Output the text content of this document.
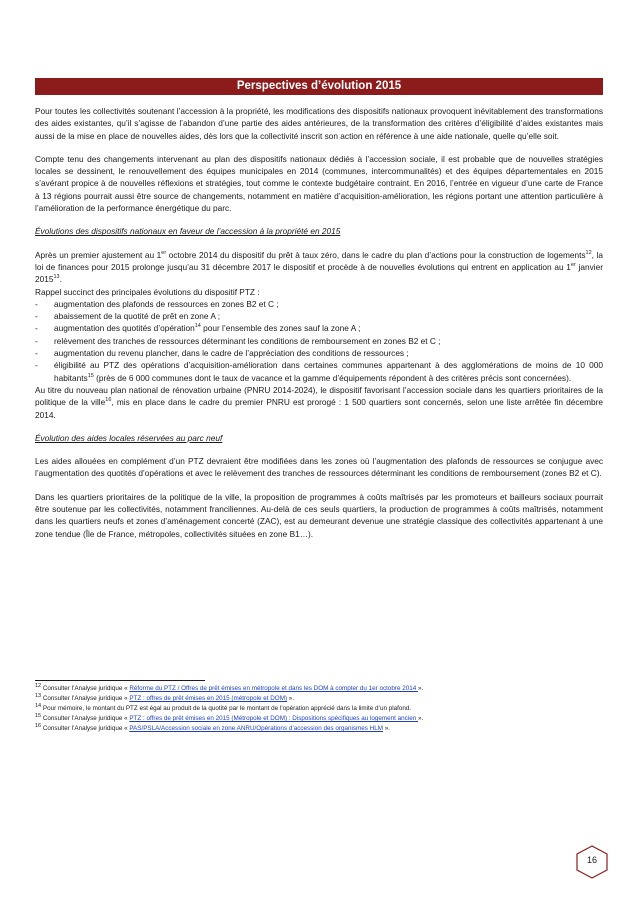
Perspectives d’évolution 2015

Pour toutes les collectivités soutenant l’accession à la propriété, les modifications des dispositifs nationaux provoquent inévitablement des transformations des aides existantes, qu’il s’agisse de l’abandon d’une partie des aides antérieures, de la transformation des critères d’éligibilité d’aides existantes mais aussi de la mise en place de nouvelles aides, dès lors que la collectivité inscrit son action en référence à une aide nationale, quelle qu’elle soit.

Compte tenu des changements intervenant au plan des dispositifs nationaux dédiés à l’accession sociale, il est probable que de nouvelles stratégies locales se dessinent, le renouvellement des équipes municipales en 2014 (communes, intercommunalités) et des équipes départementales en 2015 s’avérant propice à de nouvelles réflexions et stratégies, tout comme le contexte budgétaire contraint. En 2016, l’entrée en vigueur d’une carte de France à 13 régions pourrait aussi être source de changements, notamment en matière d’acquisition-amélioration, les régions portant une attention particulière à l’amélioration de la performance énergétique du parc.

Évolutions des dispositifs nationaux en faveur de l’accession à la propriété en 2015

Après un premier ajustement au 1er octobre 2014 du dispositif du prêt à taux zéro, dans le cadre du plan d’actions pour la construction de logements$^{12}$, la loi de finances pour 2015 prolonge jusqu’au 31 décembre 2017 le dispositif et procède à de nouvelles évolutions qui entrent en application au 1er janvier 2015$^{13}$.

Rappel succinct des principales évolutions du dispositif PTZ :

- augmentation des plafonds de ressources en zones B2 et C ;
- abaissement de la quotité de prêt en zone A ;
- augmentation des quotités d’opération$^{14}$ pour l’ensemble des zones sauf la zone A ;
- relèvement des tranches de ressources déterminant les conditions de remboursement en zones B2 et C ;
- augmentation du revenu plancher, dans le cadre de l’appréciation des conditions de ressources ;
- éligibilité au PTZ des opérations d’acquisition-amélioration dans certaines communes appartenant à des agglomérations de moins de 10 000 habitants$^{15}$ (près de 6 000 communes dont le taux de vacance et la gamme d’équipements répondent à des critères précis sont concernées).

Au titre du nouveau plan national de rénovation urbaine (PNRU 2014-2024), le dispositif favorisant l’accession sociale dans les quartiers prioritaires de la politique de la ville$^{16}$, mis en place dans le cadre du premier PNRU est prorogé : 1 500 quartiers sont concernés, selon une liste arrêtée fin décembre 2014.

Évolution des aides locales réservées au parc neuf

Les aides allouées en complément d’un PTZ devraient être modifiées dans les zones où l’augmentation des plafonds de ressources se conjugue avec l’augmentation des quotités d’opérations et avec le relèvement des tranches de ressources déterminant les conditions de remboursement (zones B2 et C).

Dans les quartiers prioritaires de la politique de la ville, la proposition de programmes à coûts maîtrisés par les promoteurs et bailleurs sociaux pourrait être soutenue par les collectivités, notamment franciliennes. Au-delà de ces seuls quartiers, la production de programmes à coûts maîtrisés, notamment dans les quartiers neufs et zones d’aménagement concerté (ZAC), est au demeurant devenue une stratégie classique des collectivités appartenant à une zone tendue (Île de France, métropoles, collectivités situées en zone B1…).

$^{12}$ Consulter l’Analyse juridique « Réforme du PTZ / Offres de prêt émises en métropole et dans les DOM à compter du 1er octobre 2014 ».
$^{13}$ Consulter l’Analyse juridique « PTZ : offres de prêt émises en 2015 (métropole et DOM) ».
$^{14}$ Pour mémoire, le montant du PTZ est égal au produit de la quotité par le montant de l’opération apprécié dans la limite d’un plafond.
$^{15}$ Consulter l’Analyse juridique « PTZ : offres de prêt émises en 2015 (Métropole et DOM) : Dispositions spécifiques au logement ancien ».
$^{16}$ Consulter l’Analyse juridique « PAS/PSLA/Accession sociale en zone ANRU/Opérations d’accession des organismes HLM ».
16
